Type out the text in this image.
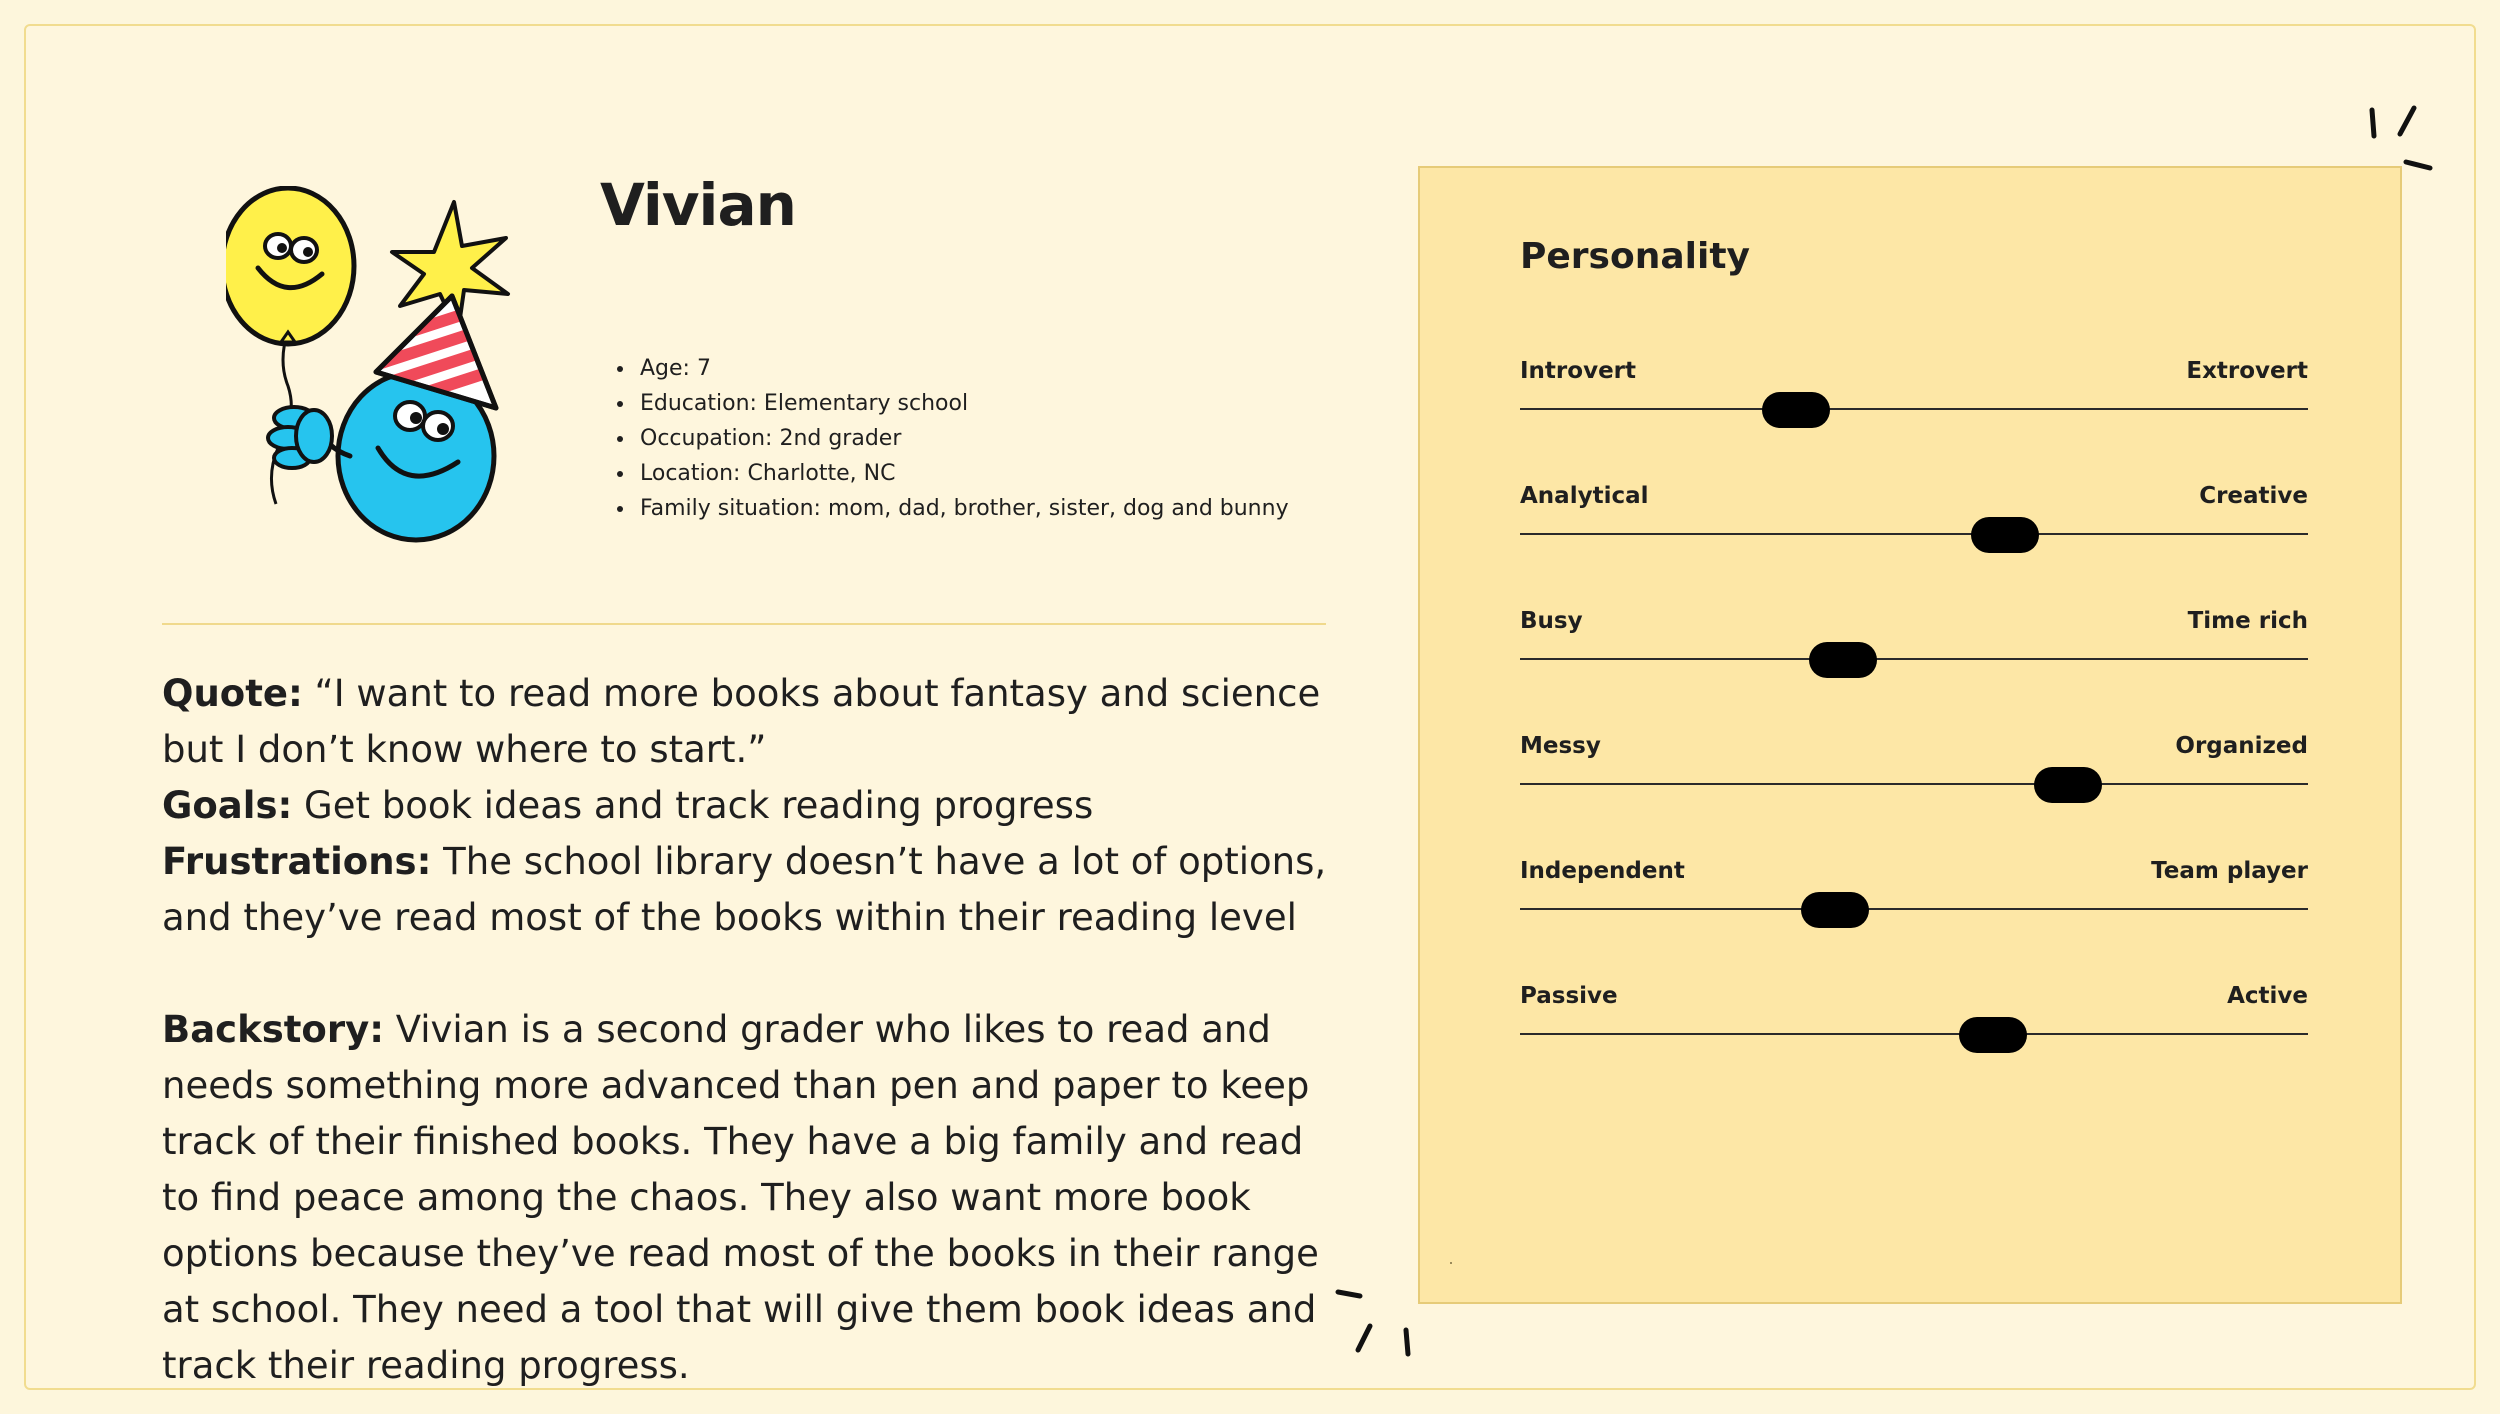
Vivian
• Age: 7
• Education: Elementary school
• Occupation: 2nd grader
• Location: Charlotte, NC
• Family situation: mom, dad, brother, sister, dog and bunny

Quote: “I want to read more books about fantasy and science but I don’t know where to start.”

Goals: Get book ideas and track reading progress

Frustrations: The school library doesn’t have a lot of options, and they’ve read most of the books within their reading level

Backstory: Vivian is a second grader who likes to read and needs something more advanced than pen and paper to keep track of their finished books. They have a big family and read to find peace among the chaos. They also want more book options because they’ve read most of the books in their range at school. They need a tool that will give them book ideas and track their reading progress.

Personality
Introvert	Extrovert
Analytical	Creative
Busy	Time rich
Messy	Organized
Independent	Team player
Passive	Active
